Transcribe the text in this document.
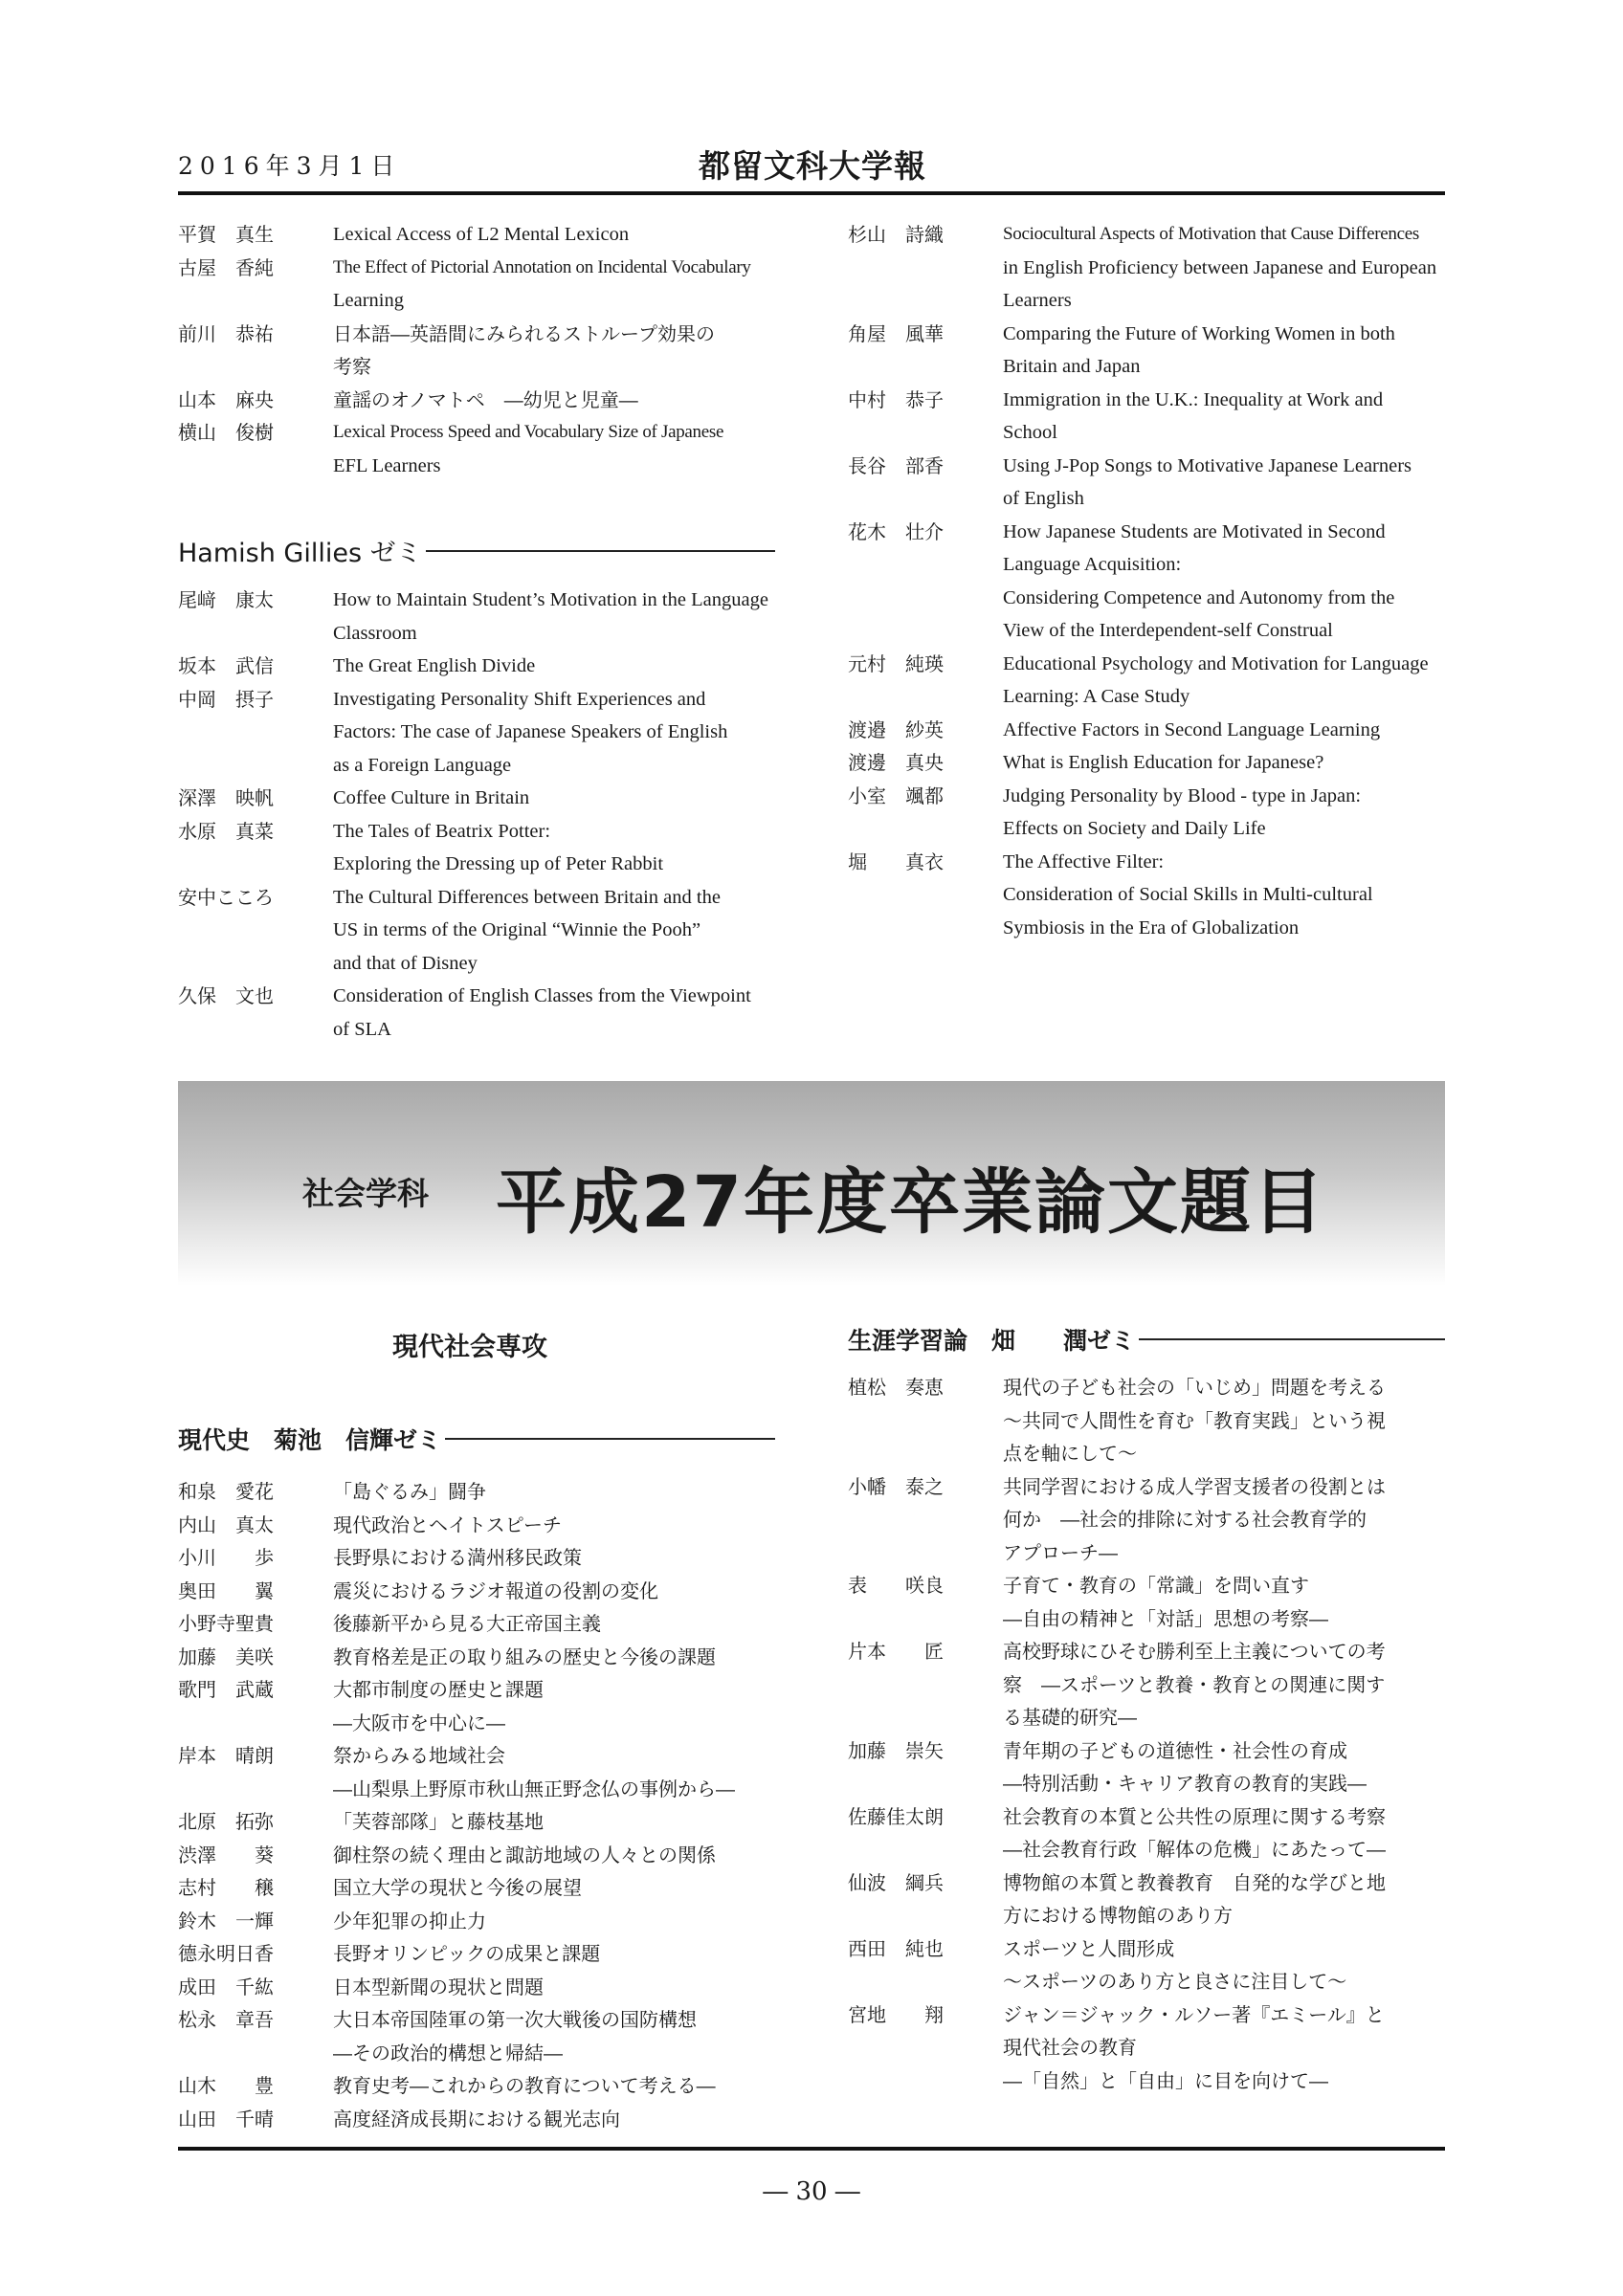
2016年3月1日	都留文科大学報
平賀　真生	Lexical Access of L2 Mental Lexicon
古屋　香純	The Effect of Pictorial Annotation on Incidental Vocabulary
Learning
前川　恭祐	日本語―英語間にみられるストループ効果の
考察
山本　麻央	童謡のオノマトペ　―幼児と児童―
横山　俊樹	Lexical Process Speed and Vocabulary Size of Japanese
EFL Learners
Hamish Gillies ゼミ
尾﨑　康太	How to Maintain Student’s Motivation in the Language
Classroom
坂本　武信	The Great English Divide
中岡　摂子	Investigating Personality Shift Experiences and
Factors: The case of Japanese Speakers of English
as a Foreign Language
深澤　映帆	Coffee Culture in Britain
水原　真菜	The Tales of Beatrix Potter:
Exploring the Dressing up of Peter Rabbit
安中こころ	The Cultural Differences between Britain and the
US in terms of the Original “Winnie the Pooh”
and that of Disney
久保　文也	Consideration of English Classes from the Viewpoint
of SLA
杉山　詩織	Sociocultural Aspects of Motivation that Cause Differences
in English Proficiency between Japanese and European
Learners
角屋　風華	Comparing the Future of Working Women in both
Britain and Japan
中村　恭子	Immigration in the U.K.: Inequality at Work and
School
長谷　部香	Using J-Pop Songs to Motivative Japanese Learners
of English
花木　壮介	How Japanese Students are Motivated in Second
Language Acquisition:
Considering Competence and Autonomy from the
View of the Interdependent-self Construal
元村　純瑛	Educational Psychology and Motivation for Language
Learning: A Case Study
渡邉　紗英	Affective Factors in Second Language Learning
渡邊　真央	What is English Education for Japanese?
小室　颯都	Judging Personality by Blood - type in Japan:
Effects on Society and Daily Life
堀　　真衣	The Affective Filter:
Consideration of Social Skills in Multi-cultural
Symbiosis in the Era of Globalization
社会学科 平成27年度卒業論文題目
現代社会専攻
現代史　菊池　信輝ゼミ
和泉　愛花	「島ぐるみ」闘争
内山　真太	現代政治とヘイトスピーチ
小川　　歩	長野県における満州移民政策
奥田　　翼	震災におけるラジオ報道の役割の変化
小野寺聖貴	後藤新平から見る大正帝国主義
加藤　美咲	教育格差是正の取り組みの歴史と今後の課題
歌門　武蔵	大都市制度の歴史と課題
―大阪市を中心に―
岸本　晴朗	祭からみる地域社会
―山梨県上野原市秋山無正野念仏の事例から―
北原　拓弥	「芙蓉部隊」と藤枝基地
渋澤　　葵	御柱祭の続く理由と諏訪地域の人々との関係
志村　　穣	国立大学の現状と今後の展望
鈴木　一輝	少年犯罪の抑止力
德永明日香	長野オリンピックの成果と課題
成田　千紘	日本型新聞の現状と問題
松永　章吾	大日本帝国陸軍の第一次大戦後の国防構想
―その政治的構想と帰結―
山木　　豊	教育史考―これからの教育について考える―
山田　千晴	高度経済成長期における観光志向
生涯学習論　畑　　潤ゼミ
植松　奏恵	現代の子ども社会の「いじめ」問題を考える
～共同で人間性を育む「教育実践」という視
点を軸にして～
小幡　泰之	共同学習における成人学習支援者の役割とは
何か　―社会的排除に対する社会教育学的
アプローチ―
表　　咲良	子育て・教育の「常識」を問い直す
―自由の精神と「対話」思想の考察―
片本　　匠	高校野球にひそむ勝利至上主義についての考
察　―スポーツと教養・教育との関連に関す
る基礎的研究―
加藤　崇矢	青年期の子どもの道徳性・社会性の育成
―特別活動・キャリア教育の教育的実践―
佐藤佳太朗	社会教育の本質と公共性の原理に関する考察
―社会教育行政「解体の危機」にあたって―
仙波　綱兵	博物館の本質と教養教育　自発的な学びと地
方における博物館のあり方
西田　純也	スポーツと人間形成
～スポーツのあり方と良さに注目して～
宮地　　翔	ジャン＝ジャック・ルソー著『エミール』と
現代社会の教育
―「自然」と「自由」に目を向けて―
― 30 ―
